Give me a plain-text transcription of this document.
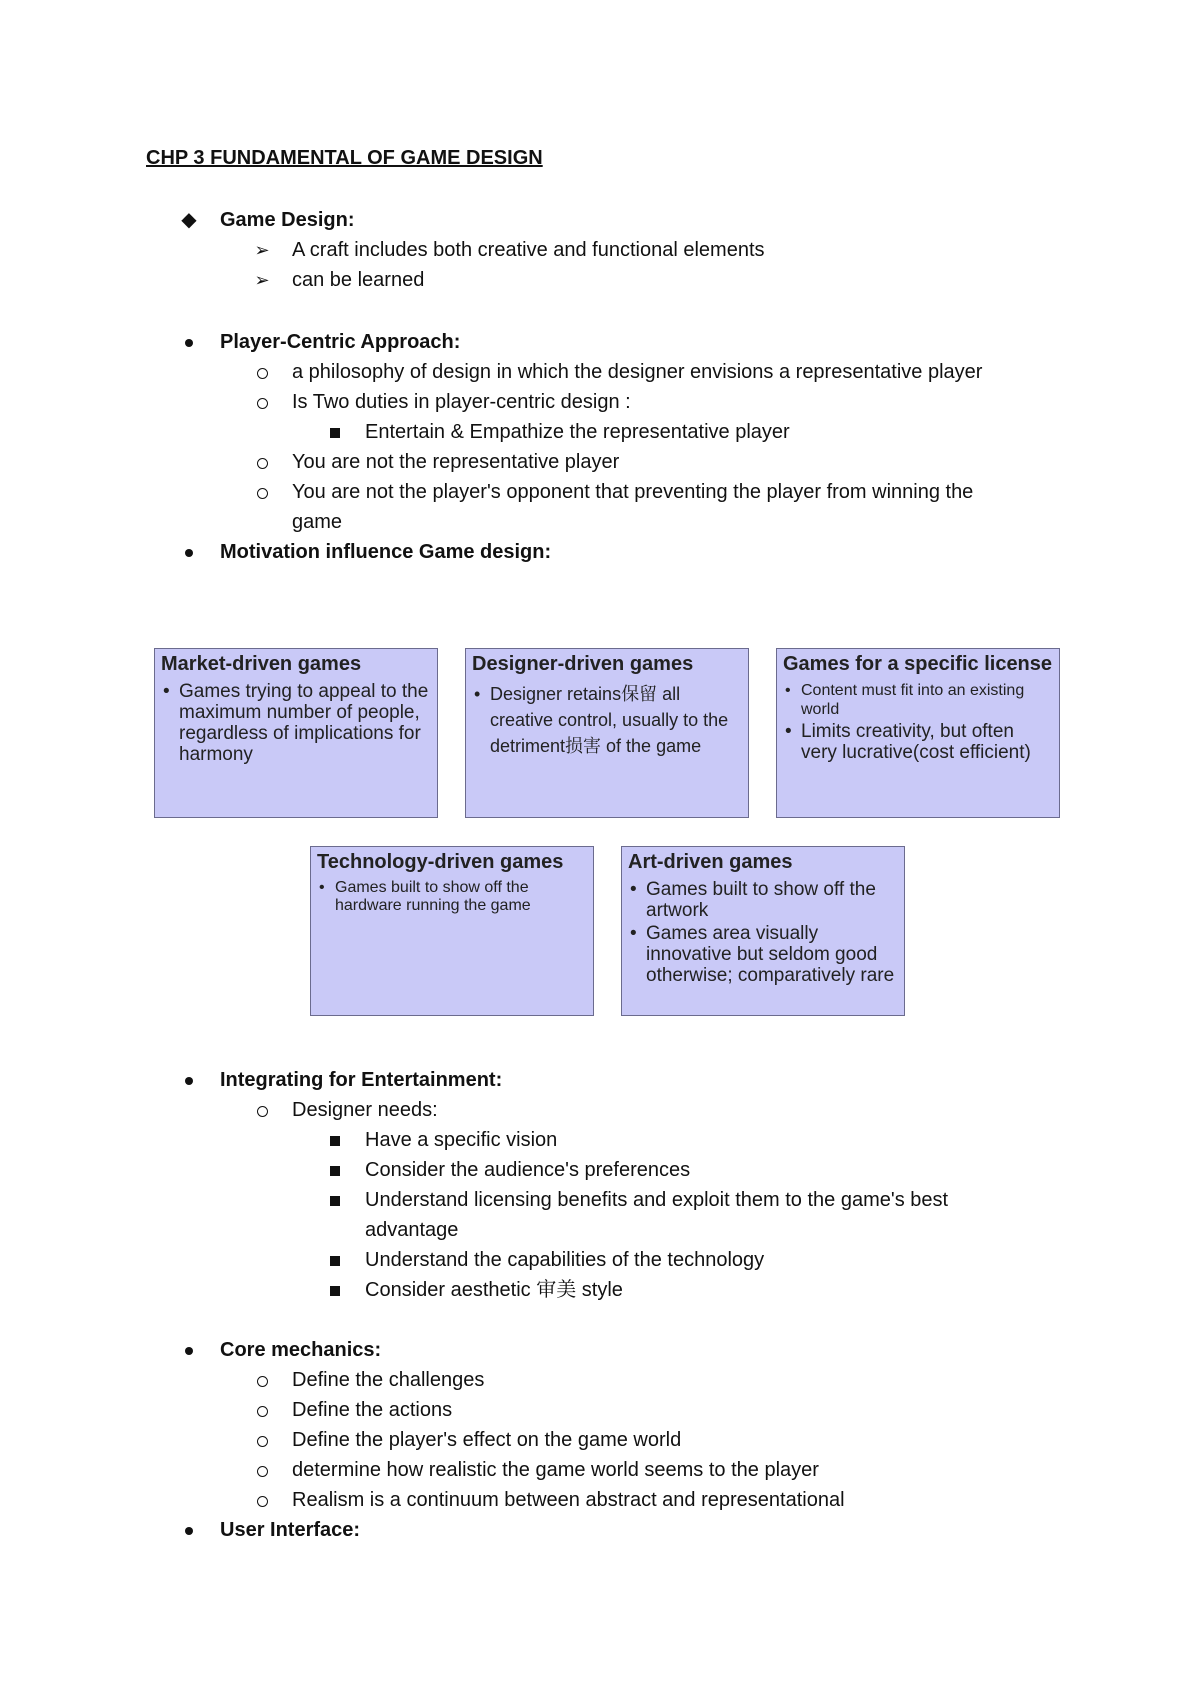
CHP 3 FUNDAMENTAL OF GAME DESIGN
◆ Game Design:
➢ A craft includes both creative and functional elements
➢ can be learned
Player-Centric Approach:
a philosophy of design in which the designer envisions a representative player
Is Two duties in player-centric design :
Entertain & Empathize the representative player
You are not the representative player
You are not the player's opponent that preventing the player from winning the
game
Motivation influence Game design:
Market-driven games
• Games trying to appeal to the maximum number of people, regardless of implications for harmony
Designer-driven games
• Designer retains保留 all creative control, usually to the detriment损害 of the game
Games for a specific license
• Content must fit into an existing world
• Limits creativity, but often very lucrative(cost efficient)
Technology-driven games
• Games built to show off the hardware running the game
Art-driven games
• Games built to show off the artwork
• Games area visually innovative but seldom good otherwise; comparatively rare
Integrating for Entertainment:
Designer needs:
Have a specific vision
Consider the audience's preferences
Understand licensing benefits and exploit them to the game's best
advantage
Understand the capabilities of the technology
Consider aesthetic 审美 style
Core mechanics:
Define the challenges
Define the actions
Define the player's effect on the game world
determine how realistic the game world seems to the player
Realism is a continuum between abstract and representational
User Interface:
